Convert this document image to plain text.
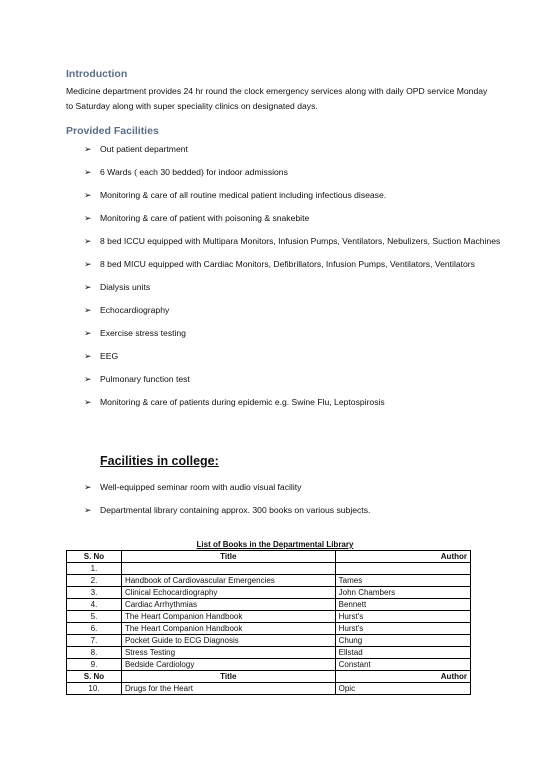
Introduction
Medicine department provides 24 hr round the clock emergency services along with daily OPD service Monday to Saturday along with super speciality clinics on designated days.
Provided Facilities
➢ Out patient department
➢ 6 Wards ( each 30 bedded) for indoor admissions
➢ Monitoring & care of all routine medical patient including infectious disease.
➢ Monitoring & care of patient with poisoning & snakebite
➢ 8 bed ICCU equipped with Multipara Monitors, Infusion Pumps, Ventilators, Nebulizers, Suction Machines
➢ 8 bed MICU equipped with Cardiac Monitors, Defibrillators, Infusion Pumps, Ventilators, Ventilators
➢ Dialysis units
➢ Echocardiography
➢ Exercise stress testing
➢ EEG
➢ Pulmonary function test
➢ Monitoring & care of patients during epidemic e.g. Swine Flu, Leptospirosis
Facilities in college:
➢ Well-equipped seminar room with audio visual facility
➢ Departmental library containing approx. 300 books on various subjects.
List of Books in the Departmental Library
S. No	Title	Author
1.		
2.	Handbook of Cardiovascular Emergencies	Tames
3.	Clinical Echocardiography	John Chambers
4.	Cardiac Arrhythmias	Bennett
5.	The Heart Companion Handbook	Hurst's
6.	The Heart Companion Handbook	Hurst's
7.	Pocket Guide to ECG Diagnosis	Chung
8.	Stress Testing	Ellstad
9.	Bedside Cardiology	Constant
S. No	Title	Author
10.	Drugs for the Heart	Opic
